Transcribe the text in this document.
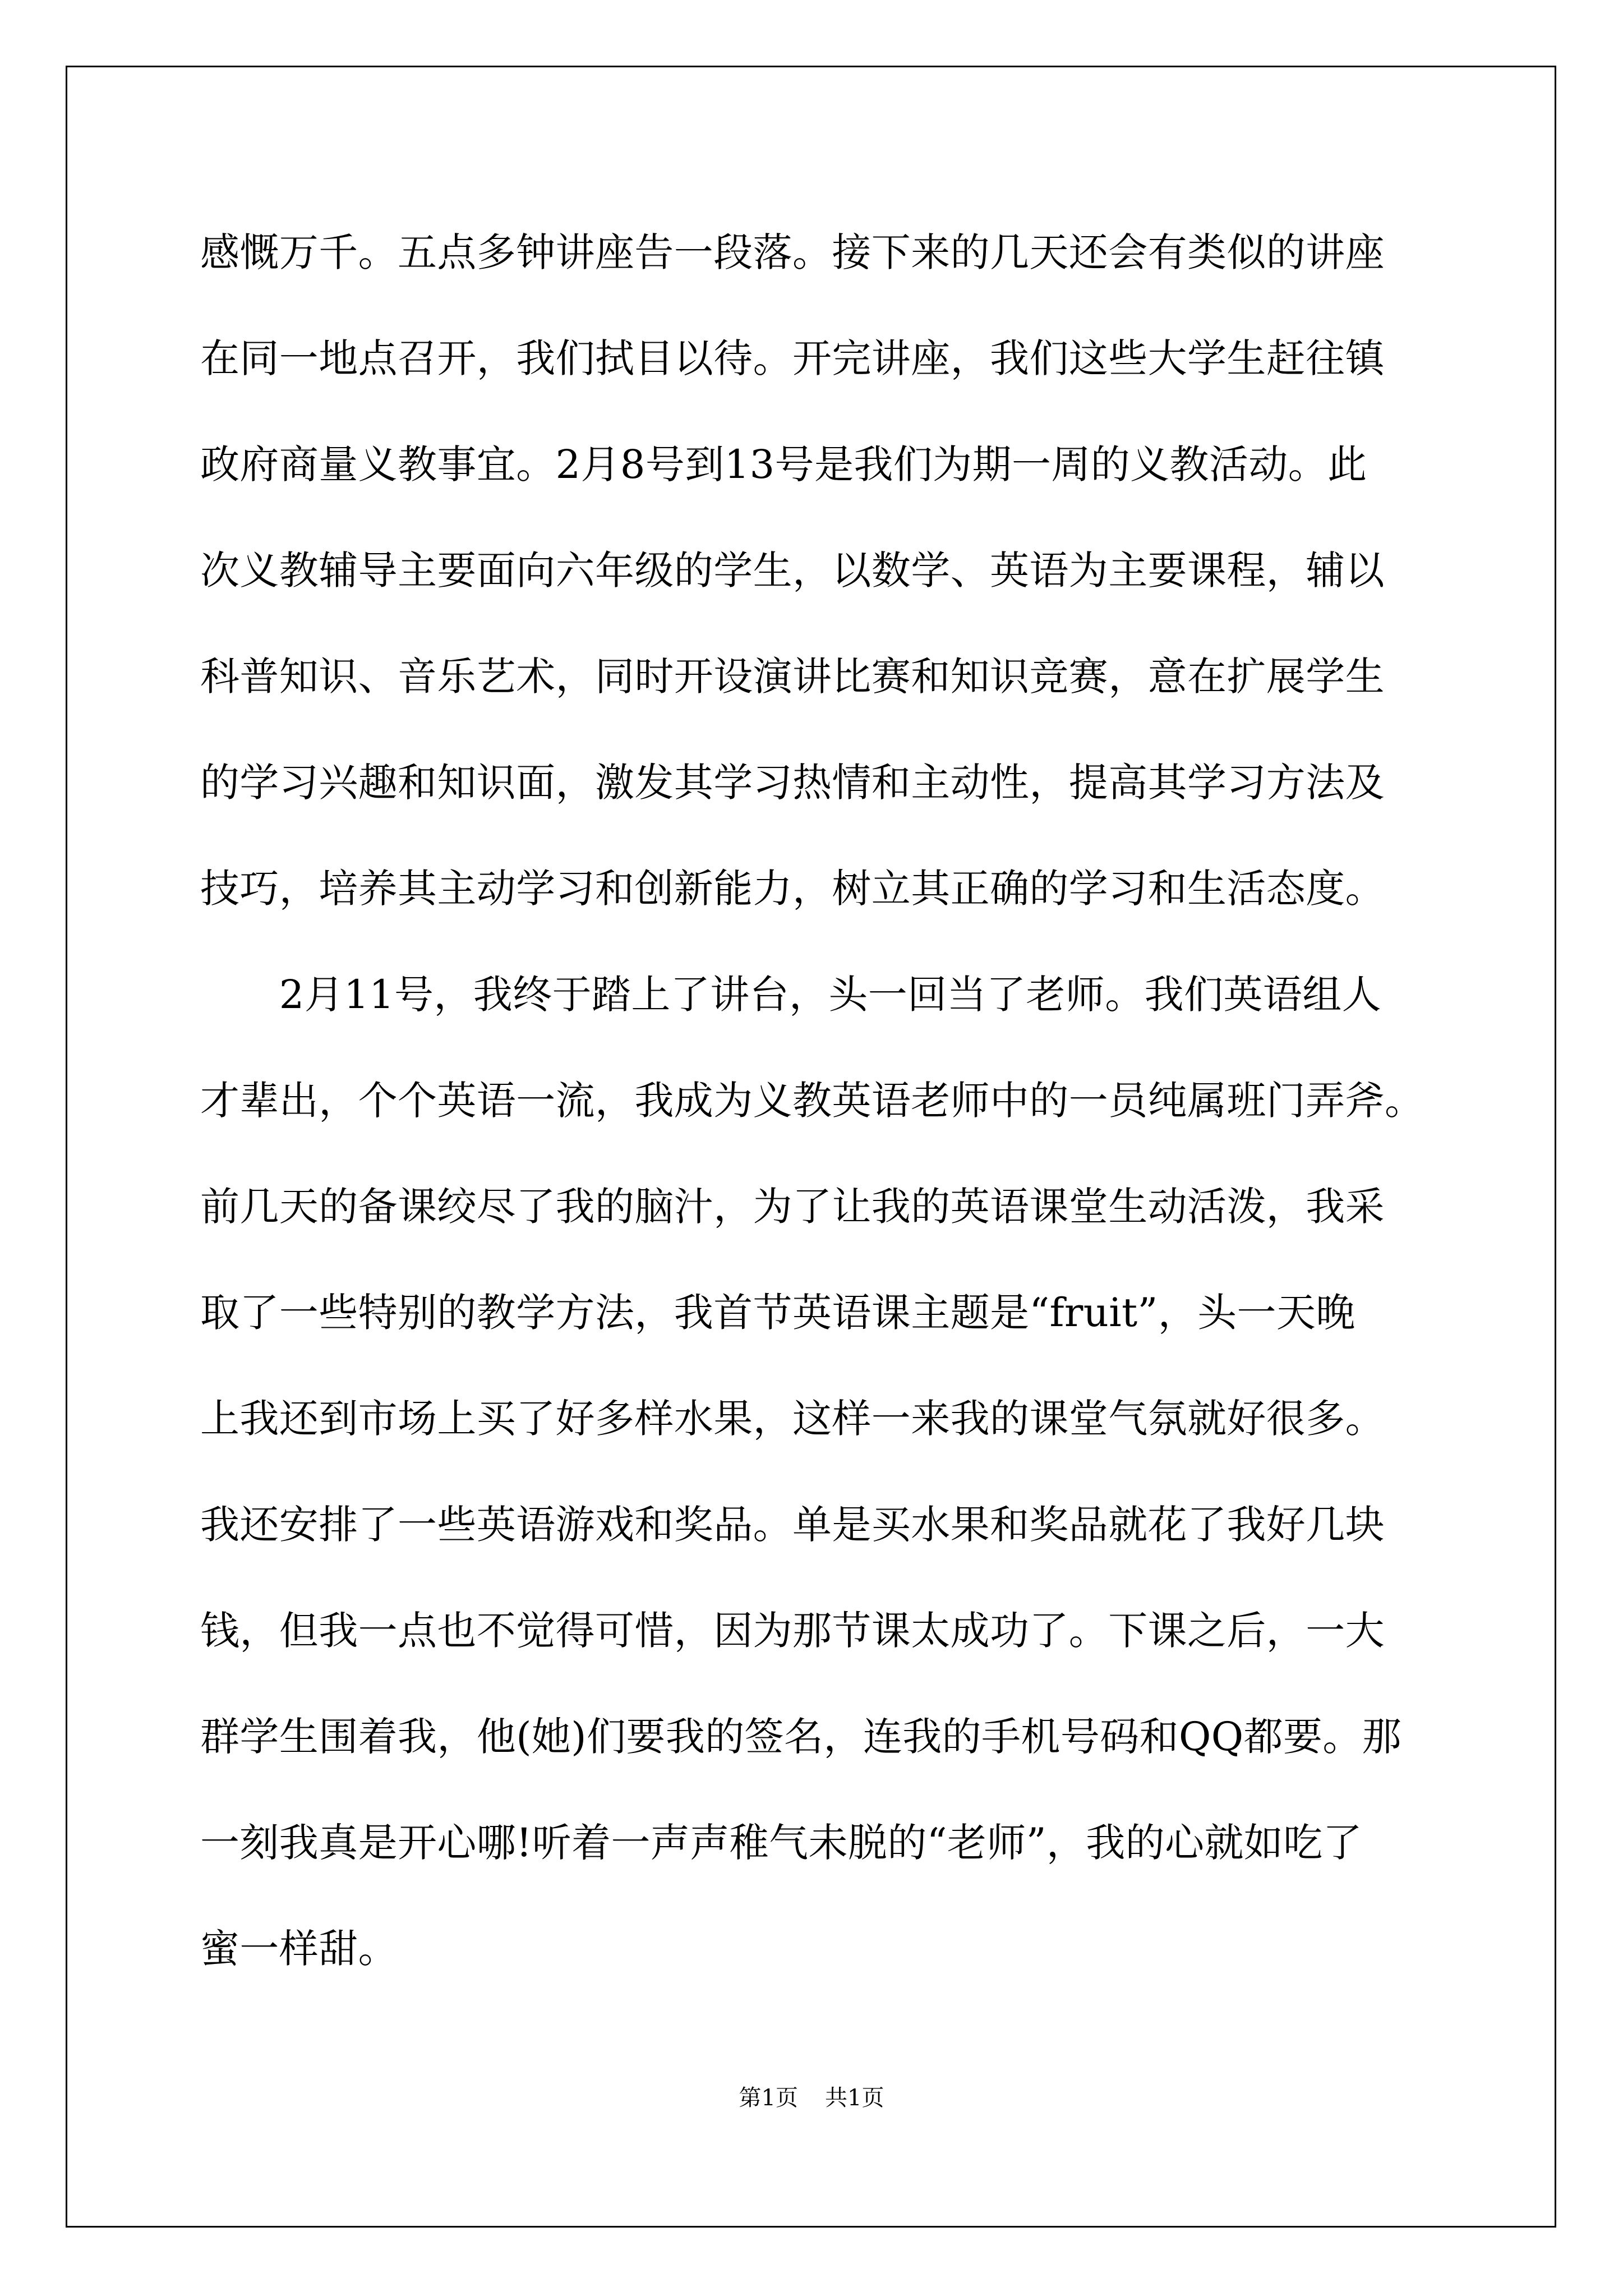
感慨万千。五点多钟讲座告一段落。接下来的几天还会有类似的讲座
在同一地点召开，我们拭目以待。开完讲座，我们这些大学生赶往镇
政府商量义教事宜。2月8号到13号是我们为期一周的义教活动。此
次义教辅导主要面向六年级的学生，以数学、英语为主要课程，辅以
科普知识、音乐艺术，同时开设演讲比赛和知识竞赛，意在扩展学生
的学习兴趣和知识面，激发其学习热情和主动性，提高其学习方法及
技巧，培养其主动学习和创新能力，树立其正确的学习和生活态度。
　　2月11号，我终于踏上了讲台，头一回当了老师。我们英语组人
才辈出，个个英语一流，我成为义教英语老师中的一员纯属班门弄斧。
前几天的备课绞尽了我的脑汁，为了让我的英语课堂生动活泼，我采
取了一些特别的教学方法，我首节英语课主题是“fruit”，头一天晚
上我还到市场上买了好多样水果，这样一来我的课堂气氛就好很多。
我还安排了一些英语游戏和奖品。单是买水果和奖品就花了我好几块
钱，但我一点也不觉得可惜，因为那节课太成功了。下课之后，一大
群学生围着我，他(她)们要我的签名，连我的手机号码和QQ都要。那
一刻我真是开心哪!听着一声声稚气未脱的“老师”，我的心就如吃了
蜜一样甜。
第1页 共1页
